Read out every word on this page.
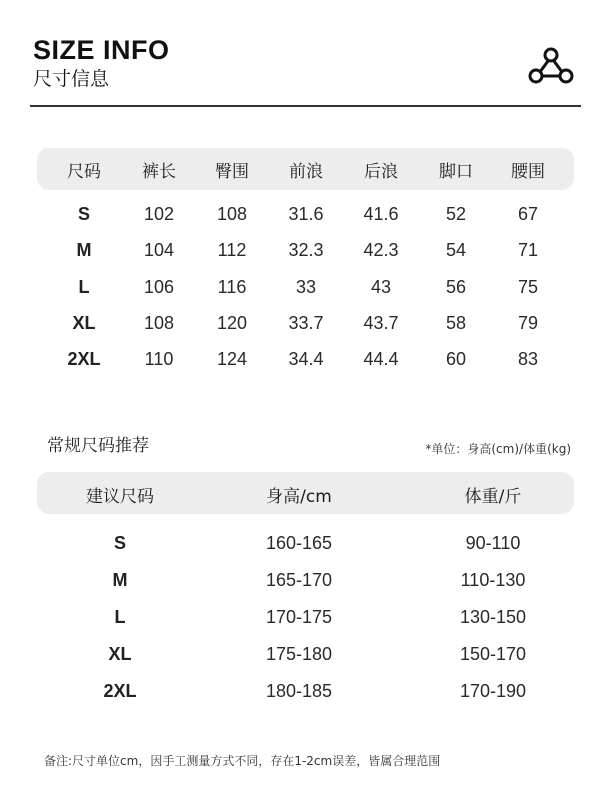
SIZE INFO
尺寸信息
尺码 裤长 臀围 前浪 后浪 脚口 腰围
S	102 108 31.6 41.6	52	67
M	104 112 32.3 42.3	54	71
L	106 116	33	43	56	75
XL	108 120 33.7 43.7	58	79
2XL 110 124 34.4 44.4	60	83
常规尺码推荐	*单位：身高(cm)/体重(kg)
建议尺码	身高/cm	体重/斤
S	160-165	90-110
M	165-170	110-130
L	170-175	130-150
XL	175-180	150-170
2XL	180-185	170-190
备注:尺寸单位cm，因手工测量方式不同，存在1-2cm误差，皆属合理范围
